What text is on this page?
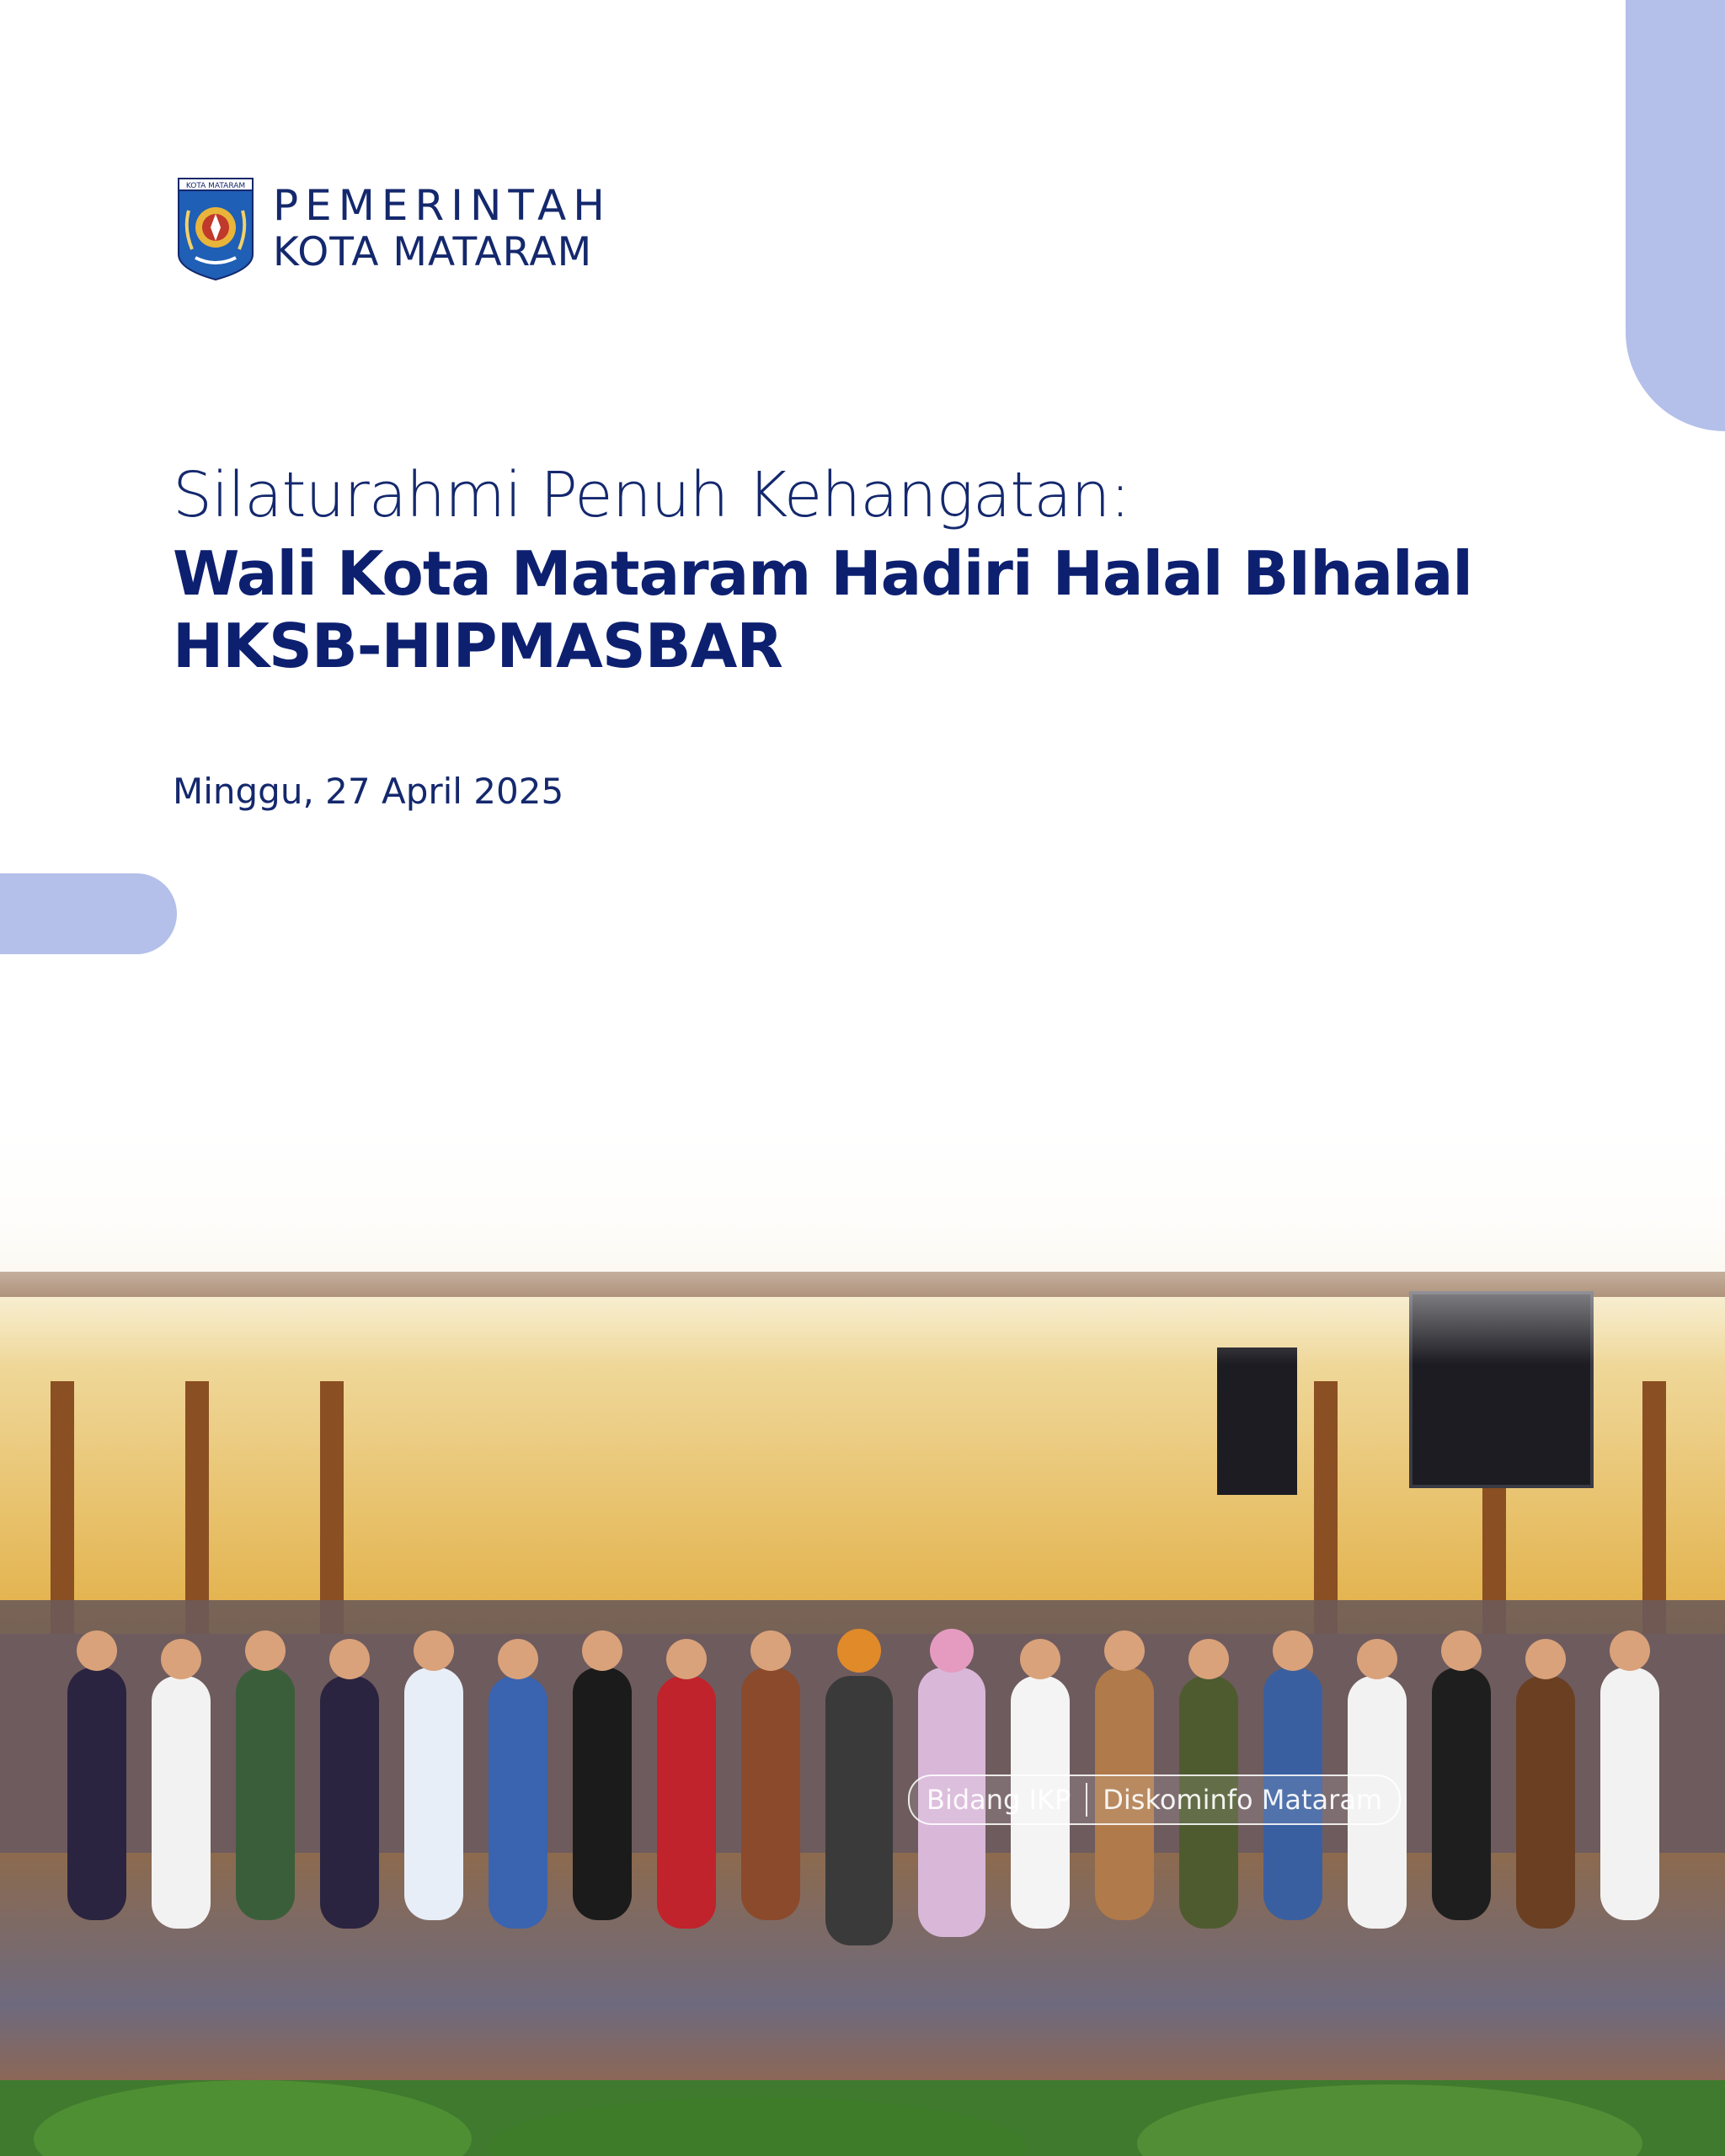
KOTA MATARAM PEMERINTAH
KOTA MATARAM
Silaturahmi Penuh Kehangatan:
Wali Kota Mataram Hadiri Halal BIhalal
HKSB-HIPMASBAR
Minggu, 27 April 2025
Bidang IKP Diskominfo Mataram
